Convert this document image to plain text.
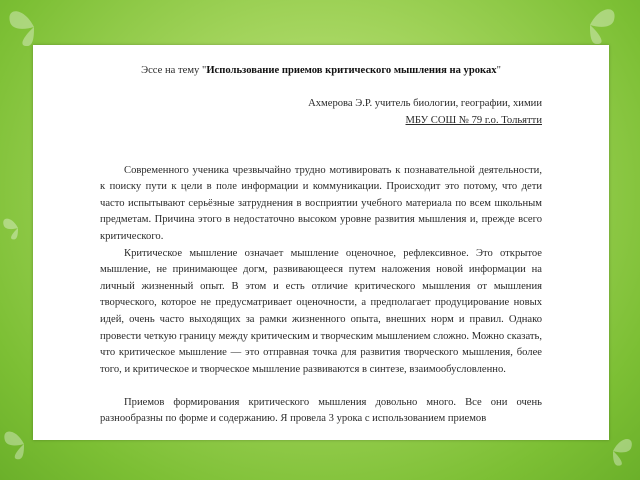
Эссе на тему "Использование приемов критического мышления на уроках"

Ахмерова Э.Р. учитель биологии, географии, химии

МБУ СОШ № 79 г.о. Тольятти

Современного ученика чрезвычайно трудно мотивировать к познавательной деятельности, к поиску пути к цели в поле информации и коммуникации. Происходит это потому, что дети часто испытывают серьёзные затруднения в восприятии учебного материала по всем школьным предметам. Причина этого в недостаточно высоком уровне развития мышления и, прежде всего критического.

Критическое мышление означает мышление оценочное, рефлексивное. Это открытое мышление, не принимающее догм, развивающееся путем наложения новой информации на личный жизненный опыт. В этом и есть отличие критического мышления от мышления творческого, которое не предусматривает оценочности, а предполагает продуцирование новых идей, очень часто выходящих за рамки жизненного опыта, внешних норм и правил. Однако провести четкую границу между критическим и творческим мышлением сложно. Можно сказать, что критическое мышление — это отправная точка для развития творческого мышления, более того, и критическое и творческое мышление развиваются в синтезе, взаимообусловленно.

Приемов формирования критического мышления довольно много. Все они очень разнообразны по форме и содержанию. Я провела 3 урока с использованием приемов
